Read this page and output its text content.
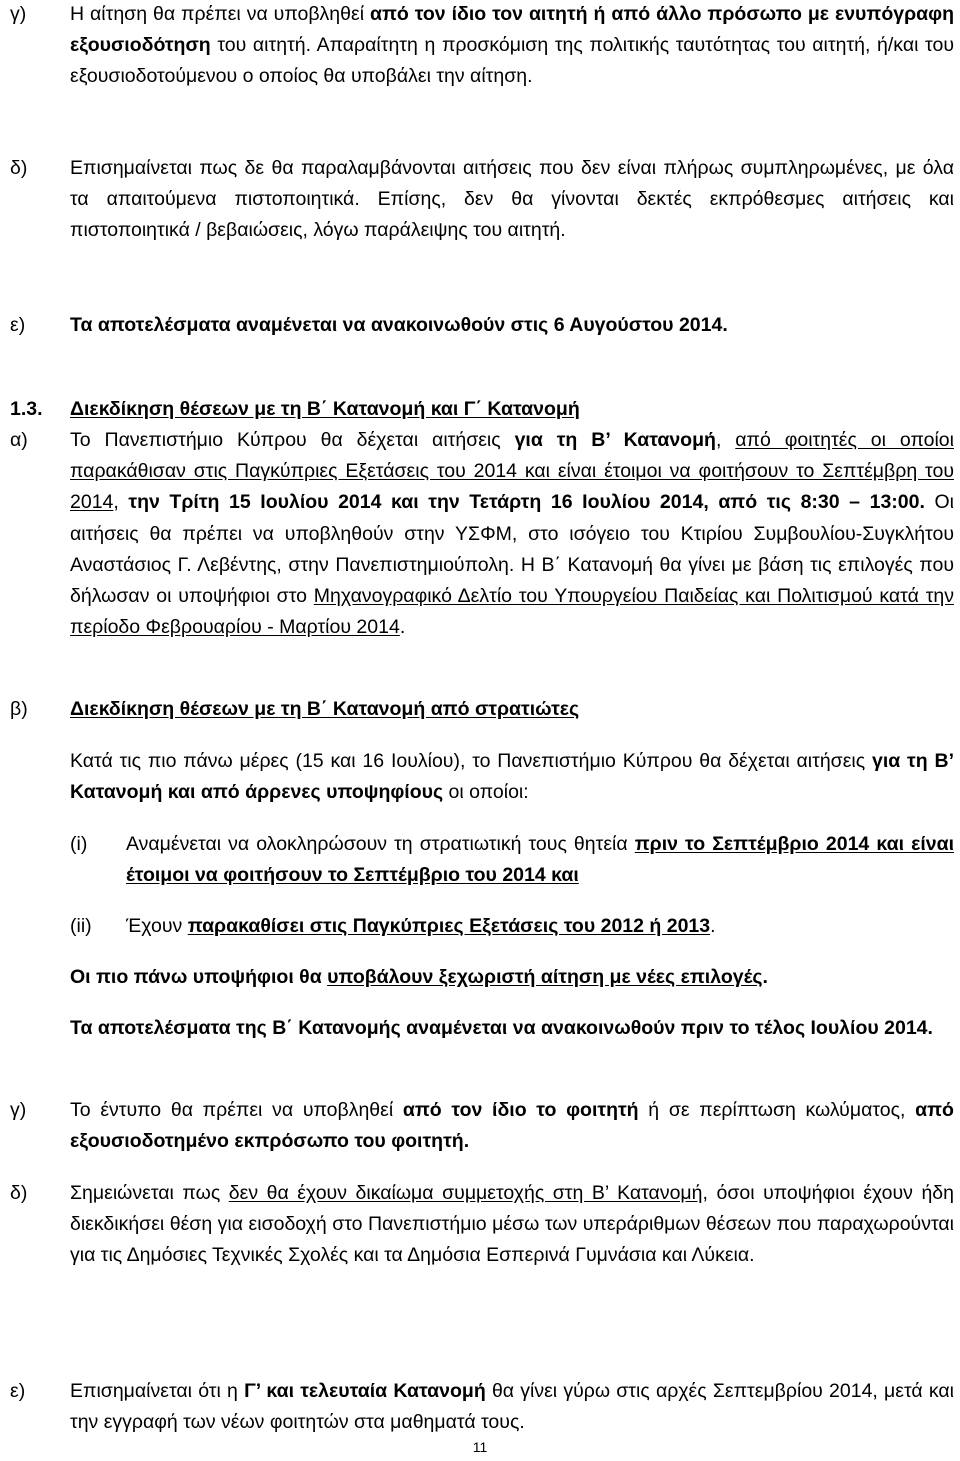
γ)	Η αίτηση θα πρέπει να υποβληθεί από τον ίδιο τον αιτητή ή από άλλο πρόσωπο με ενυπόγραφη εξουσιοδότηση του αιτητή. Απαραίτητη η προσκόμιση της πολιτικής ταυτότητας του αιτητή, ή/και του εξουσιοδοτούμενου ο οποίος θα υποβάλει την αίτηση.
δ)	Επισημαίνεται πως δε θα παραλαμβάνονται αιτήσεις που δεν είναι πλήρως συμπληρωμένες, με όλα τα απαιτούμενα πιστοποιητικά. Επίσης, δεν θα γίνονται δεκτές εκπρόθεσμες αιτήσεις και πιστοποιητικά / βεβαιώσεις, λόγω παράλειψης του αιτητή.
ε)	Τα αποτελέσματα αναμένεται να ανακοινωθούν στις 6 Αυγούστου 2014.
1.3.	Διεκδίκηση θέσεων με τη Β΄ Κατανομή και Γ΄ Κατανομή
α)	Το Πανεπιστήμιο Κύπρου θα δέχεται αιτήσεις για τη Β’ Κατανομή, από φοιτητές οι οποίοι παρακάθισαν στις Παγκύπριες Εξετάσεις του 2014 και είναι έτοιμοι να φοιτήσουν το Σεπτέμβρη του 2014, την Τρίτη 15 Ιουλίου 2014 και την Τετάρτη 16 Ιουλίου 2014, από τις 8:30 – 13:00. Οι αιτήσεις θα πρέπει να υποβληθούν στην ΥΣΦΜ, στο ισόγειο του Κτιρίου Συμβουλίου-Συγκλήτου Αναστάσιος Γ. Λεβέντης, στην Πανεπιστημιούπολη. Η Β΄ Κατανομή θα γίνει με βάση τις επιλογές που δήλωσαν οι υποψήφιοι στο Μηχανογραφικό Δελτίο του Υπουργείου Παιδείας και Πολιτισμού κατά την περίοδο Φεβρουαρίου - Μαρτίου 2014.
β)	Διεκδίκηση θέσεων με τη Β΄ Κατανομή από στρατιώτες
Κατά τις πιο πάνω μέρες (15 και 16 Ιουλίου), το Πανεπιστήμιο Κύπρου θα δέχεται αιτήσεις για τη Β’ Κατανομή και από άρρενες υποψηφίους οι οποίοι:
(i)	Αναμένεται να ολοκληρώσουν τη στρατιωτική τους θητεία πριν το Σεπτέμβριο 2014 και είναι έτοιμοι να φοιτήσουν το Σεπτέμβριο του 2014 και
(ii)	Έχουν παρακαθίσει στις Παγκύπριες Εξετάσεις του 2012 ή 2013.
Οι πιο πάνω υποψήφιοι θα υποβάλουν ξεχωριστή αίτηση με νέες επιλογές.
Τα αποτελέσματα της Β΄ Κατανομής αναμένεται να ανακοινωθούν πριν το τέλος Ιουλίου 2014.
γ)	Το έντυπο θα πρέπει να υποβληθεί από τον ίδιο το φοιτητή ή σε περίπτωση κωλύματος, από εξουσιοδοτημένο εκπρόσωπο του φοιτητή.
δ)	Σημειώνεται πως δεν θα έχουν δικαίωμα συμμετοχής στη Β’ Κατανομή, όσοι υποψήφιοι έχουν ήδη διεκδικήσει θέση για εισοδοχή στο Πανεπιστήμιο μέσω των υπεράριθμων θέσεων που παραχωρούνται για τις Δημόσιες Τεχνικές Σχολές και τα Δημόσια Εσπερινά Γυμνάσια και Λύκεια.
ε)	Επισημαίνεται ότι η Γ’ και τελευταία Κατανομή θα γίνει γύρω στις αρχές Σεπτεμβρίου 2014, μετά και την εγγραφή των νέων φοιτητών στα μαθηματά τους.
11
